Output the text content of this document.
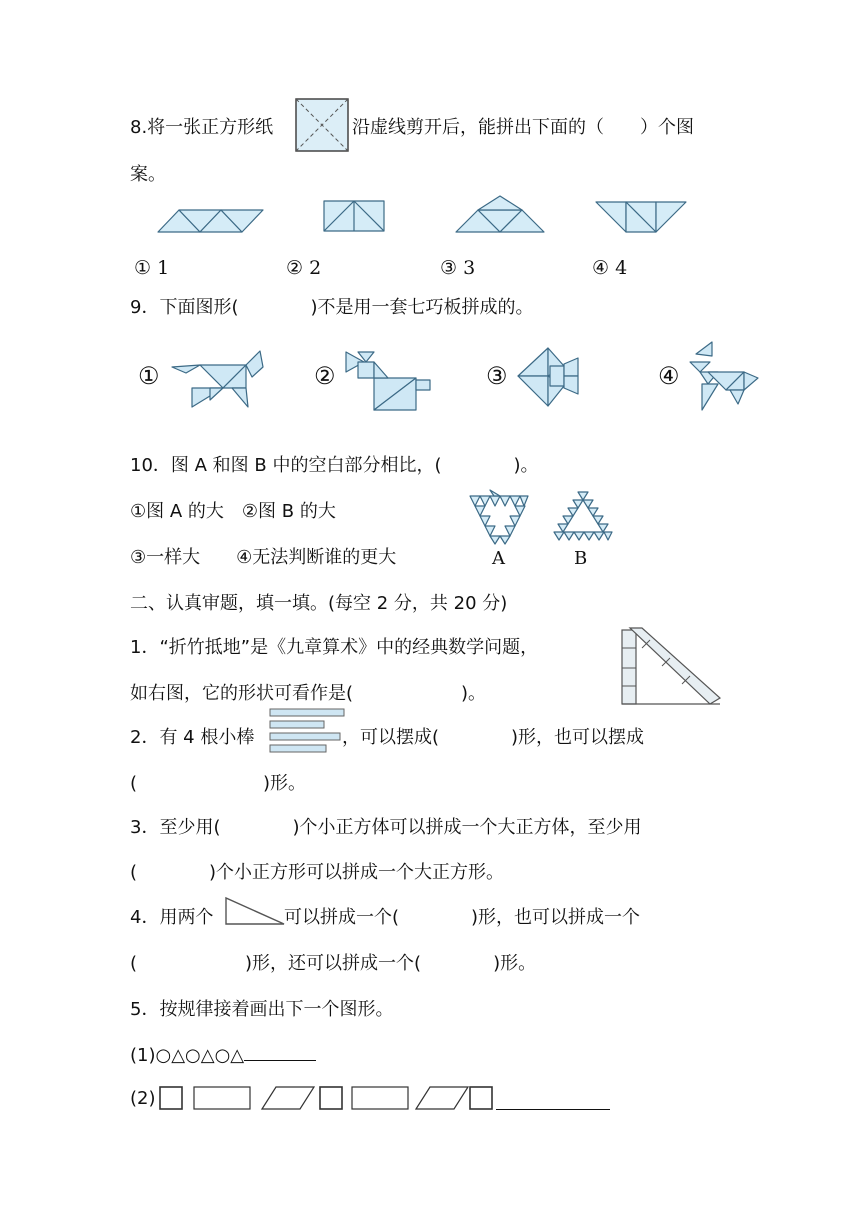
8.将一张正方形纸	沿虚线剪开后，能拼出下面的（　　）个图
案。
① 1	② 2	③ 3	④ 4
9．下面图形(　　　　)不是用一套七巧板拼成的。
①	②	③	④
10．图 A 和图 B 中的空白部分相比，(　　　　)。
①图 A 的大　②图 B 的大
③一样大　　④无法判断谁的更大	A	B
二、认真审题，填一填。(每空 2 分，共 20 分)
1．“折竹抵地”是《九章算术》中的经典数学问题，
如右图，它的形状可看作是(　　　　　　)。
2．有 4 根小棒	，可以摆成(　　　　)形，也可以摆成
(　　　　　　　)形。
3．至少用(　　　　)个小正方体可以拼成一个大正方体，至少用
(　　　　)个小正方形可以拼成一个大正方形。
4．用两个	可以拼成一个(　　　　)形，也可以拼成一个
(　　　　　　)形，还可以拼成一个(　　　　)形。
5．按规律接着画出下一个图形。
(1)○△○△○△
(2)
